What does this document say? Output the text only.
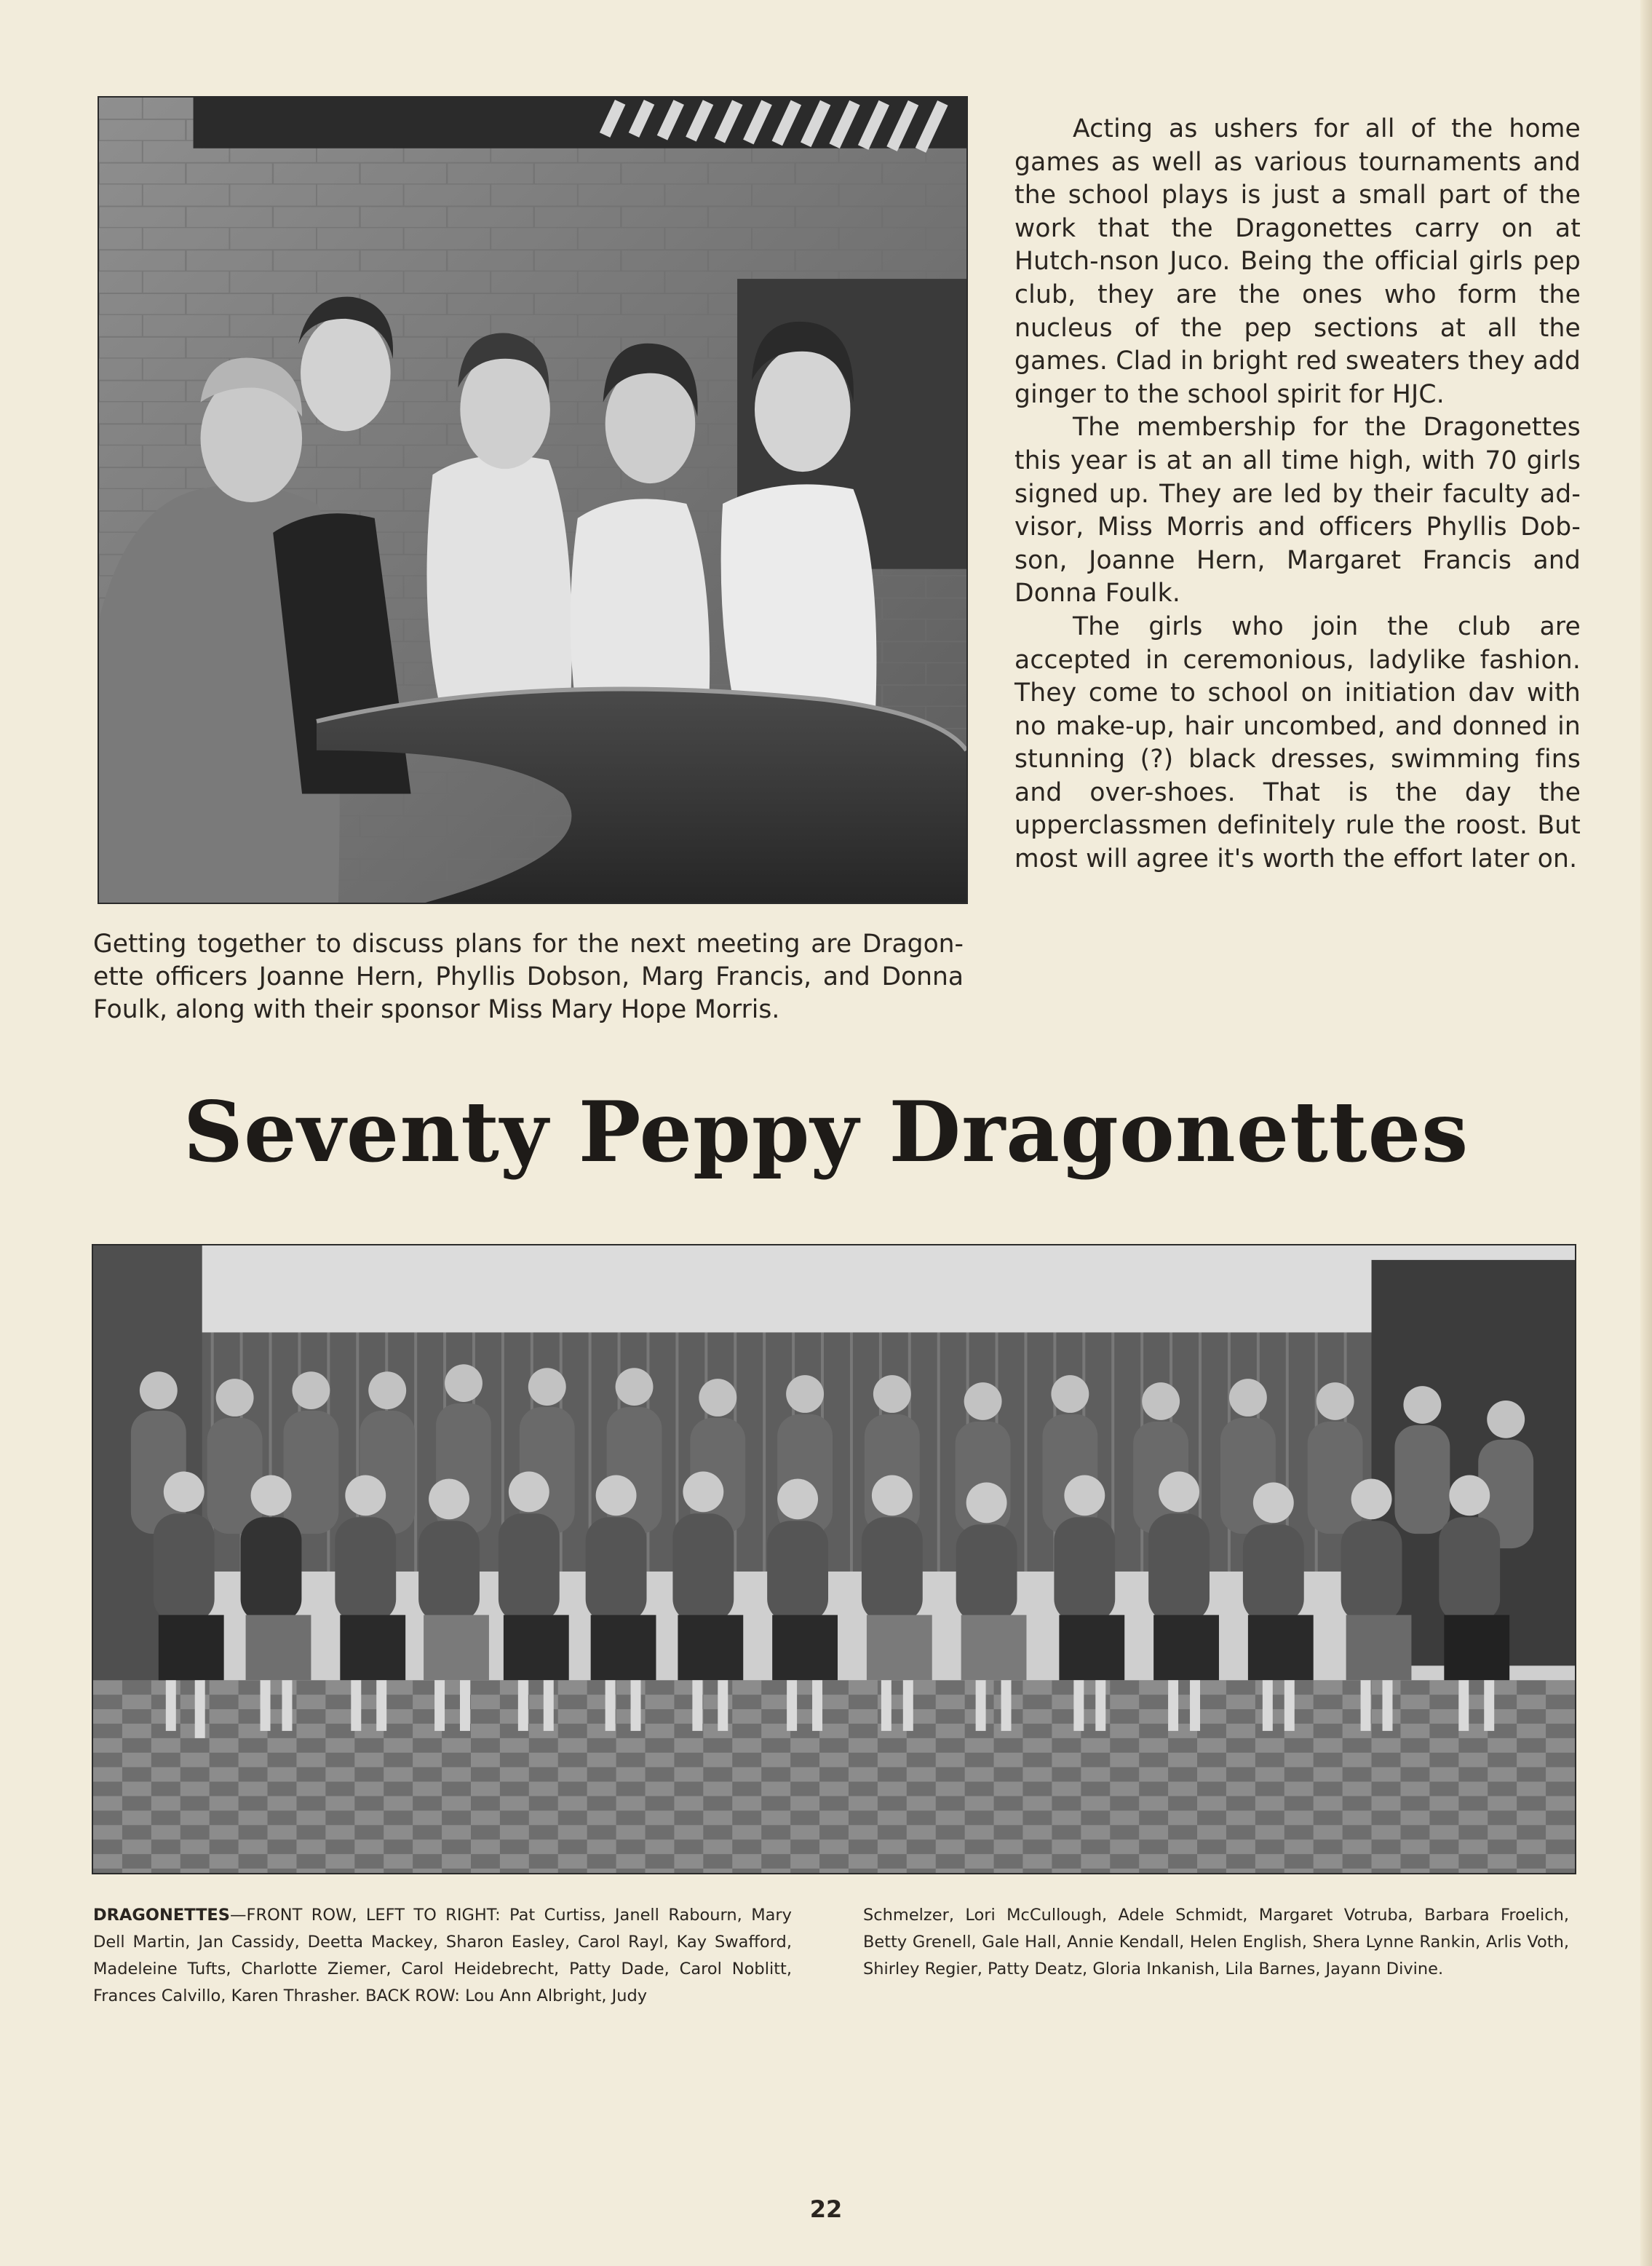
Acting as ushers for all of the home games as well as various tournaments and the school plays is just a small part of the work that the Dragonettes carry on at Hutch-nson Juco. Being the official girls pep club, they are the ones who form the nucleus of the pep sections at all the games. Clad in bright red sweaters they add ginger to the school spirit for HJC.

The membership for the Dragonettes this year is at an all time high, with 70 girls signed up. They are led by their faculty ad-visor, Miss Morris and officers Phyllis Dob-son, Joanne Hern, Margaret Francis and Donna Foulk.

The girls who join the club are accepted in ceremonious, ladylike fashion. They come to school on initiation dav with no make-up, hair uncombed, and donned in stunning (?) black dresses, swimming fins and over-shoes. That is the day the upperclassmen definitely rule the roost. But most will agree it's worth the effort later on.

Getting together to discuss plans for the next meeting are Dragon-ette officers Joanne Hern, Phyllis Dobson, Marg Francis, and Donna Foulk, along with their sponsor Miss Mary Hope Morris.
Seventy Peppy Dragonettes
DRAGONETTES—FRONT ROW, LEFT TO RIGHT: Pat Curtiss, Janell Rabourn, Mary Dell Martin, Jan Cassidy, Deetta Mackey, Sharon Easley, Carol Rayl, Kay Swafford, Madeleine Tufts, Charlotte Ziemer, Carol Heidebrecht, Patty Dade, Carol Noblitt, Frances Calvillo, Karen Thrasher. BACK ROW: Lou Ann Albright, Judy
Schmelzer, Lori McCullough, Adele Schmidt, Margaret Votruba, Barbara Froelich, Betty Grenell, Gale Hall, Annie Kendall, Helen English, Shera Lynne Rankin, Arlis Voth, Shirley Regier, Patty Deatz, Gloria Inkanish, Lila Barnes, Jayann Divine.
22
